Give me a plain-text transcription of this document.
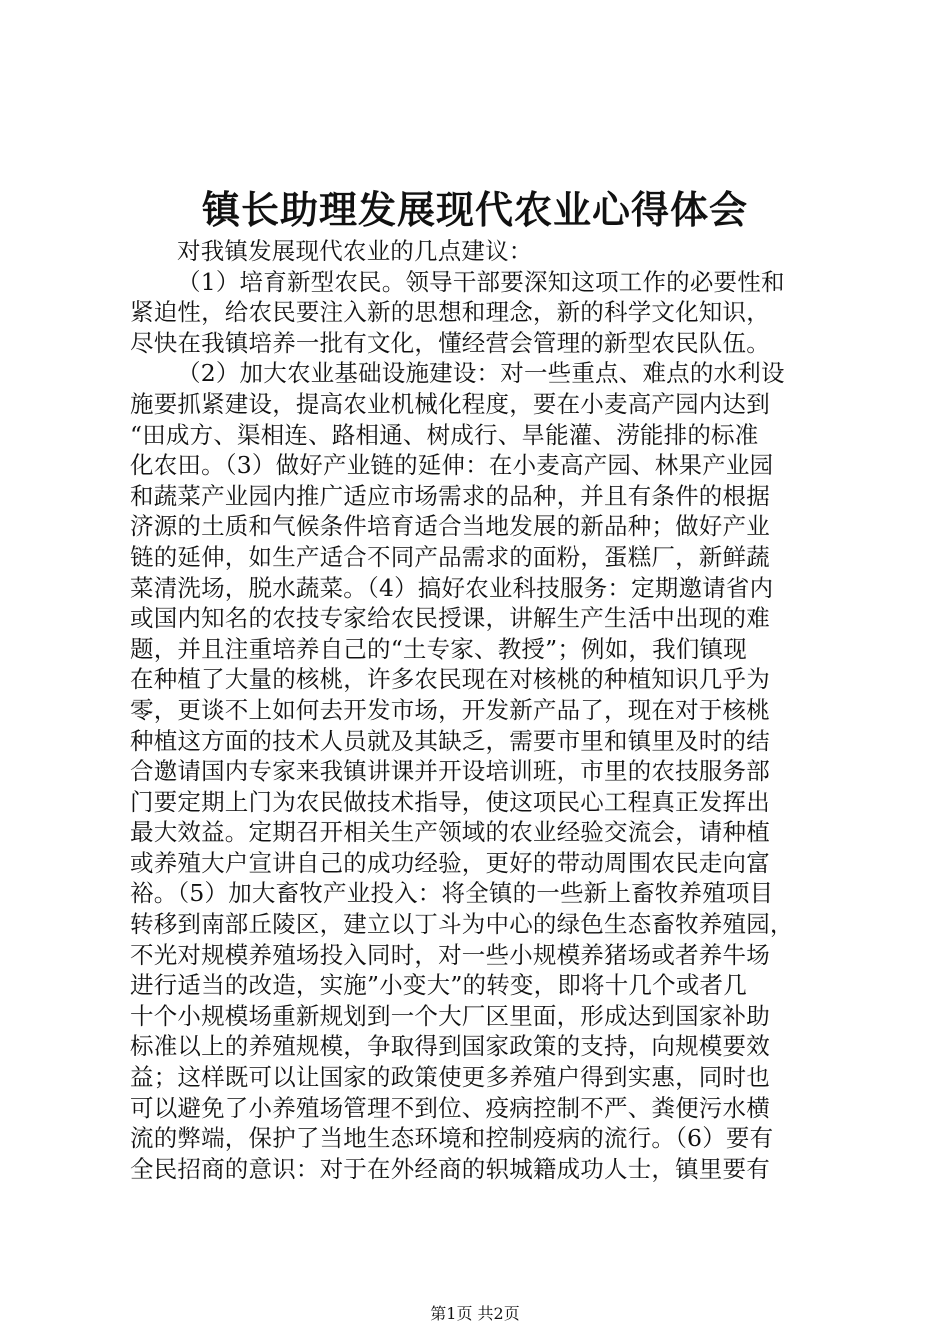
镇长助理发展现代农业心得体会
对我镇发展现代农业的几点建议：
（1）培育新型农民。领导干部要深知这项工作的必要性和
紧迫性，给农民要注入新的思想和理念，新的科学文化知识，
尽快在我镇培养一批有文化，懂经营会管理的新型农民队伍。
（2）加大农业基础设施建设：对一些重点、难点的水利设
施要抓紧建设，提高农业机械化程度，要在小麦高产园内达到
“田成方、渠相连、路相通、树成行、旱能灌、涝能排的标准
化农田。（3）做好产业链的延伸：在小麦高产园、林果产业园
和蔬菜产业园内推广适应市场需求的品种，并且有条件的根据
济源的土质和气候条件培育适合当地发展的新品种；做好产业
链的延伸，如生产适合不同产品需求的面粉，蛋糕厂，新鲜蔬
菜清洗场，脱水蔬菜。（4）搞好农业科技服务：定期邀请省内
或国内知名的农技专家给农民授课，讲解生产生活中出现的难
题，并且注重培养自己的“土专家、教授”；例如，我们镇现
在种植了大量的核桃，许多农民现在对核桃的种植知识几乎为
零，更谈不上如何去开发市场，开发新产品了，现在对于核桃
种植这方面的技术人员就及其缺乏，需要市里和镇里及时的结
合邀请国内专家来我镇讲课并开设培训班，市里的农技服务部
门要定期上门为农民做技术指导，使这项民心工程真正发挥出
最大效益。定期召开相关生产领域的农业经验交流会，请种植
或养殖大户宣讲自己的成功经验，更好的带动周围农民走向富
裕。（5）加大畜牧产业投入：将全镇的一些新上畜牧养殖项目
转移到南部丘陵区，建立以丁斗为中心的绿色生态畜牧养殖园，
不光对规模养殖场投入同时，对一些小规模养猪场或者养牛场
进行适当的改造，实施”小变大”的转变，即将十几个或者几
十个小规模场重新规划到一个大厂区里面，形成达到国家补助
标准以上的养殖规模，争取得到国家政策的支持，向规模要效
益；这样既可以让国家的政策使更多养殖户得到实惠，同时也
可以避免了小养殖场管理不到位、疫病控制不严、粪便污水横
流的弊端，保护了当地生态环境和控制疫病的流行。（6）要有
全民招商的意识：对于在外经商的轵城籍成功人士，镇里要有
第1页 共2页
